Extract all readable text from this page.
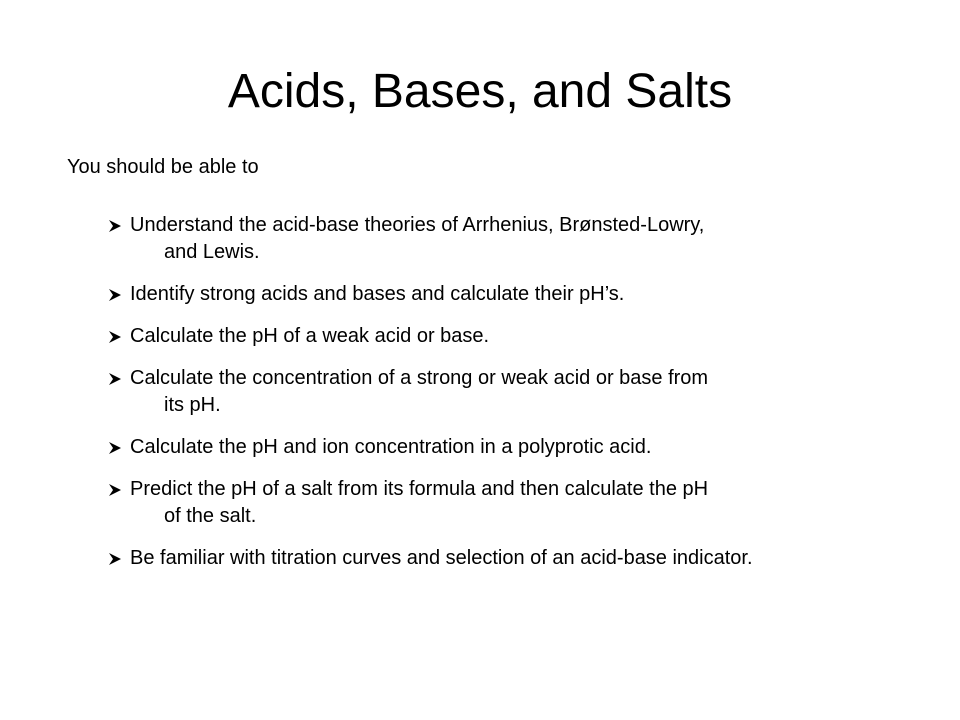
Acids, Bases, and Salts

You should be able to

Understand the acid-base theories of Arrhenius, Brønsted-Lowry,
and Lewis.
Identify strong acids and bases and calculate their pH’s.
Calculate the pH of a weak acid or base.
Calculate the concentration of a strong or weak acid or base from
its pH.
Calculate the pH and ion concentration in a polyprotic acid.
Predict the pH of a salt from its formula and then calculate the pH
of the salt.
Be familiar with titration curves and selection of an acid-base indicator.
